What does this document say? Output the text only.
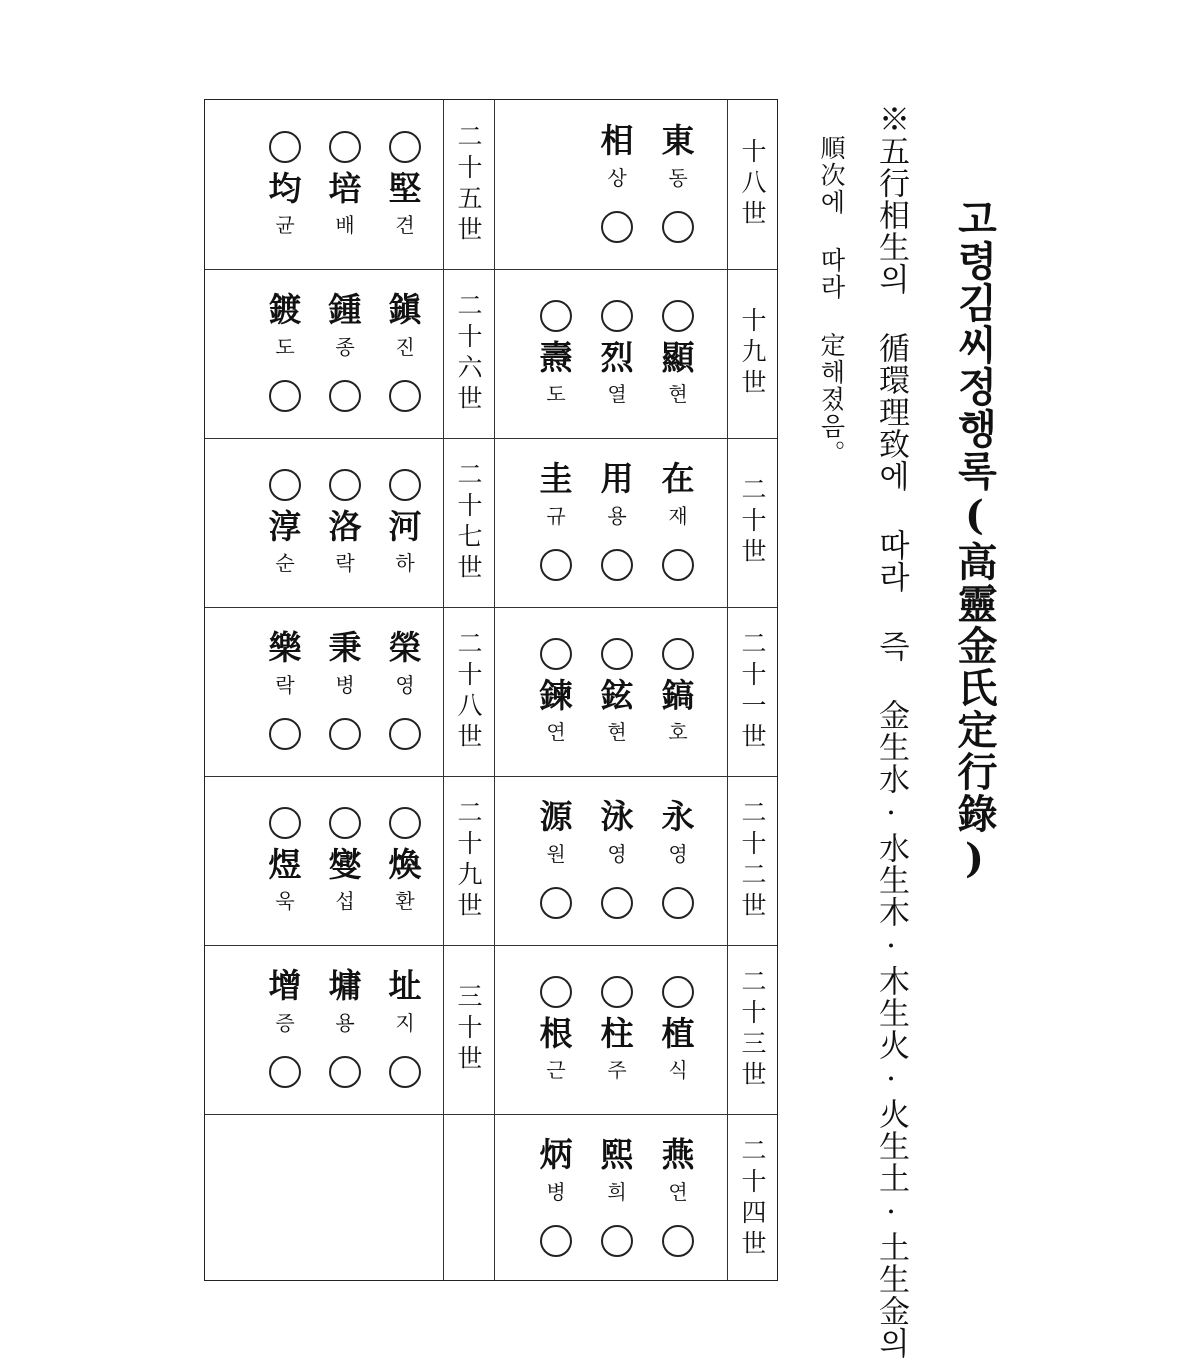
고령김씨정행록(高靈金氏定行錄)
※五行相生의 循環理致에 따라 즉 金生水·水生木·木生火·火生土·土生金의
順次에 따라 定해졌음。
十八世
東
동
相
상
十九世
顯
현
烈
열
燾
도
二十世
在
재
用
용
圭
규
二十一世
鎬
호
鉉
현
鍊
연
二十二世
永
영
泳
영
源
원
二十三世
植
식
柱
주
根
근
二十四世
燕
연
熙
희
炳
병
二十五世
堅
견
培
배
均
균
二十六世
鎭
진
鍾
종
鍍
도
二十七世
河
하
洛
락
淳
순
二十八世
榮
영
秉
병
樂
락
二十九世
煥
환
燮
섭
煜
욱
三十世
址
지
墉
용
增
증
